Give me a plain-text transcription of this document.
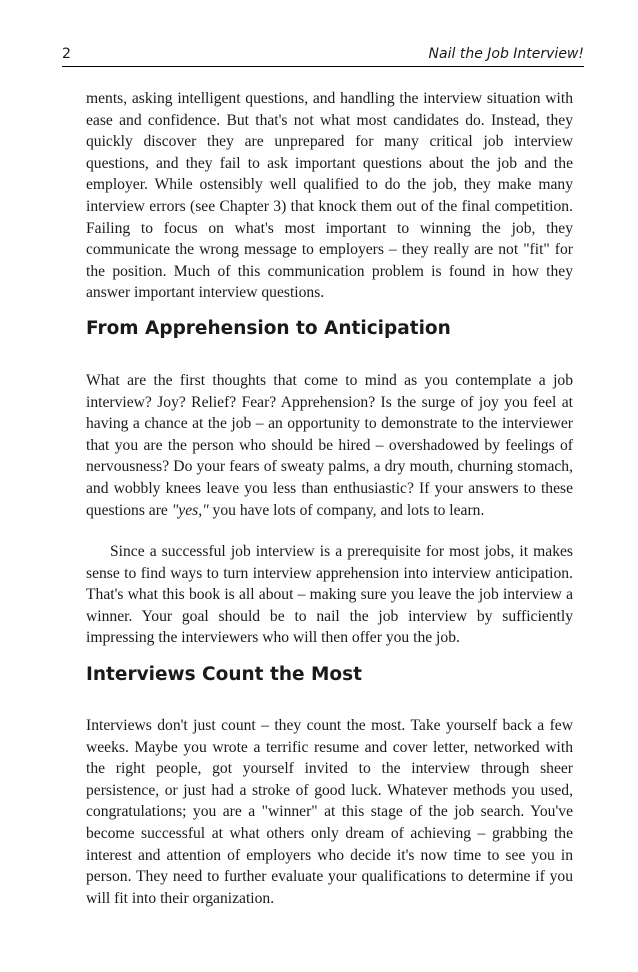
2	Nail the Job Interview!

ments, asking intelligent questions, and handling the interview situation with ease and confidence. But that's not what most candidates do. Instead, they quickly discover they are unprepared for many critical job interview questions, and they fail to ask important questions about the job and the employer. While ostensibly well qualified to do the job, they make many interview errors (see Chapter 3) that knock them out of the final competition. Failing to focus on what's most important to winning the job, they communicate the wrong message to employers – they really are not "fit" for the position. Much of this communication problem is found in how they answer important interview questions.

From Apprehension to Anticipation

What are the first thoughts that come to mind as you contemplate a job interview? Joy? Relief? Fear? Apprehension? Is the surge of joy you feel at having a chance at the job – an opportunity to demonstrate to the interviewer that you are the person who should be hired – overshadowed by feelings of nervousness? Do your fears of sweaty palms, a dry mouth, churning stomach, and wobbly knees leave you less than enthusiastic? If your answers to these questions are "yes," you have lots of company, and lots to learn.

Since a successful job interview is a prerequisite for most jobs, it makes sense to find ways to turn interview apprehension into interview anticipation. That's what this book is all about – making sure you leave the job interview a winner. Your goal should be to nail the job interview by sufficiently impressing the interviewers who will then offer you the job.

Interviews Count the Most

Interviews don't just count – they count the most. Take yourself back a few weeks. Maybe you wrote a terrific resume and cover letter, networked with the right people, got yourself invited to the interview through sheer persistence, or just had a stroke of good luck. Whatever methods you used, congratulations; you are a "winner" at this stage of the job search. You've become successful at what others only dream of achieving – grabbing the interest and attention of employers who decide it's now time to see you in person. They need to further evaluate your qualifications to determine if you will fit into their organization.
